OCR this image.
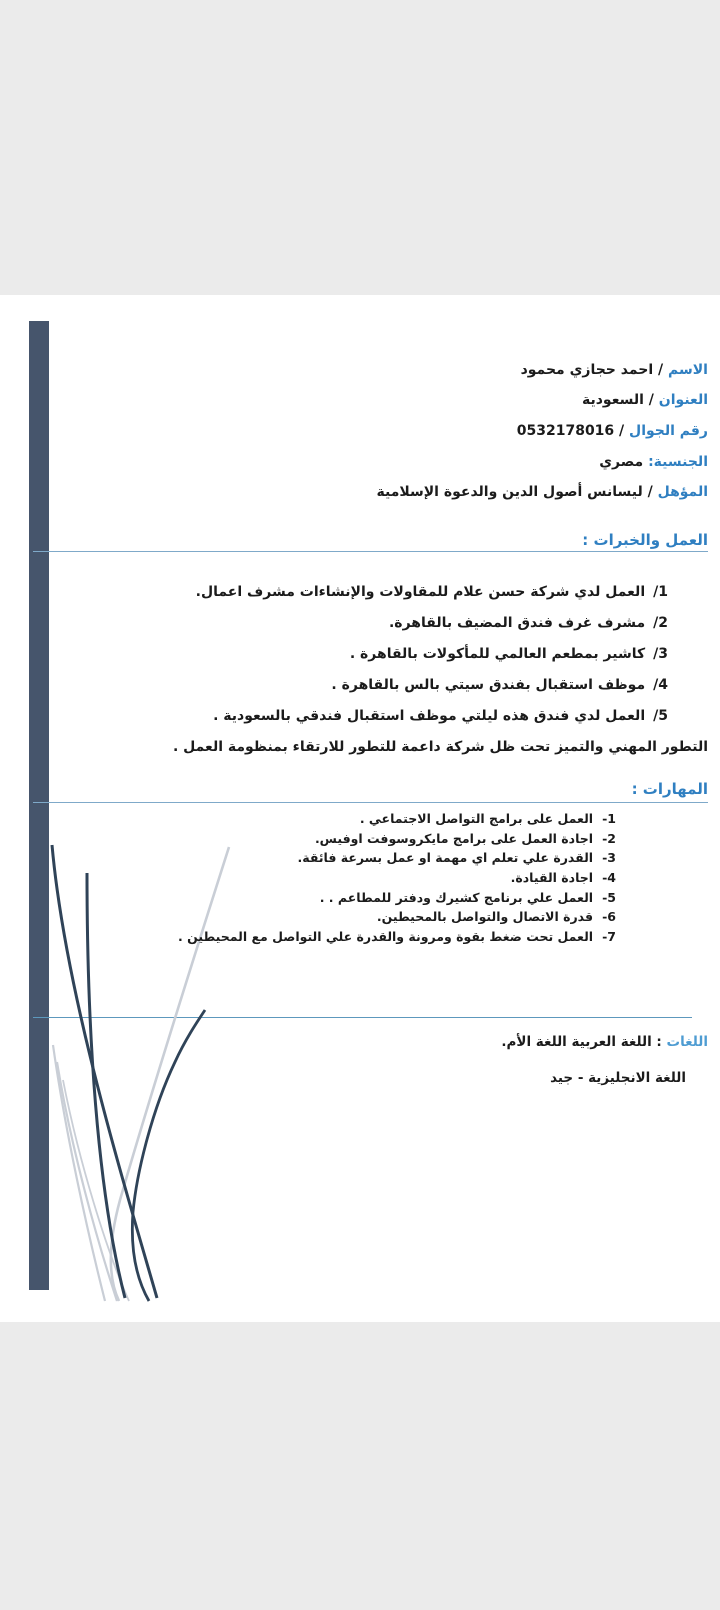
الاسم / احمد حجازي محمود
العنوان / السعودية
رقم الجوال / 0532178016
الجنسية: مصري
المؤهل / ليسانس أصول الدين والدعوة الإسلامية
العمل والخبرات :
1/
العمل لدي شركة حسن علام للمقاولات والإنشاءات مشرف اعمال.
2/
مشرف غرف فندق المضيف بالقاهرة.
3/
كاشير بمطعم العالمي للمأكولات بالقاهرة .
4/
موظف استقبال بفندق سيتي بالس بالقاهرة .
5/
العمل لدي فندق هذه ليلتي موظف استقبال فندقي بالسعودية .
التطور المهني والتميز تحت ظل شركة داعمة للتطور للارتقاء بمنظومة العمل .
المهارات :
1-
العمل على برامج التواصل الاجتماعي .
2-
اجادة العمل على برامج مايكروسوفت اوفيس.
3-
القدرة علي تعلم اي مهمة او عمل بسرعة فائقة.
4-
اجادة القيادة.
5-
العمل علي برنامج كشيرك ودفتر للمطاعم . .
6-
قدرة الاتصال والتواصل بالمحيطين.
7-
العمل تحت ضغط بقوة ومرونة والقدرة علي التواصل مع المحيطين .
اللغات : اللغة العربية اللغة الأم.
اللغة الانجليزية - جيد
